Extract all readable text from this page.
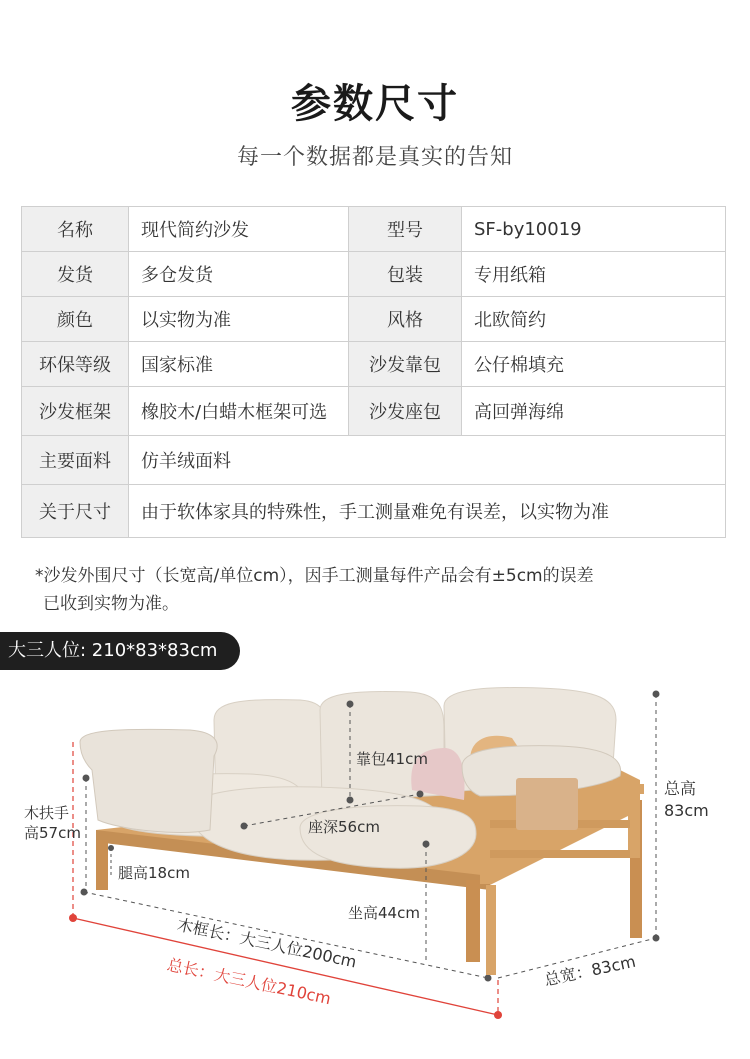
参数尺寸
每一个数据都是真实的告知
名称	现代简约沙发	型号	SF-by10019
发货	多仓发货	包装	专用纸箱
颜色	以实物为准	风格	北欧简约
环保等级	国家标准	沙发靠包	公仔棉填充
沙发框架	橡胶木/白蜡木框架可选	沙发座包	高回弹海绵
主要面料	仿羊绒面料		
关于尺寸	由于软体家具的特殊性，手工测量难免有误差，以实物为准		
*沙发外围尺寸（长宽高/单位cm），因手工测量每件产品会有±5cm的误差
已收到实物为准。
大三人位: 210*83*83cm
木扶手
高57cm
靠包41cm
座深56cm
腿高18cm
坐高44cm
木框长：大三人位200cm
总长：大三人位210cm	总宽：83cm
总高
83cm
